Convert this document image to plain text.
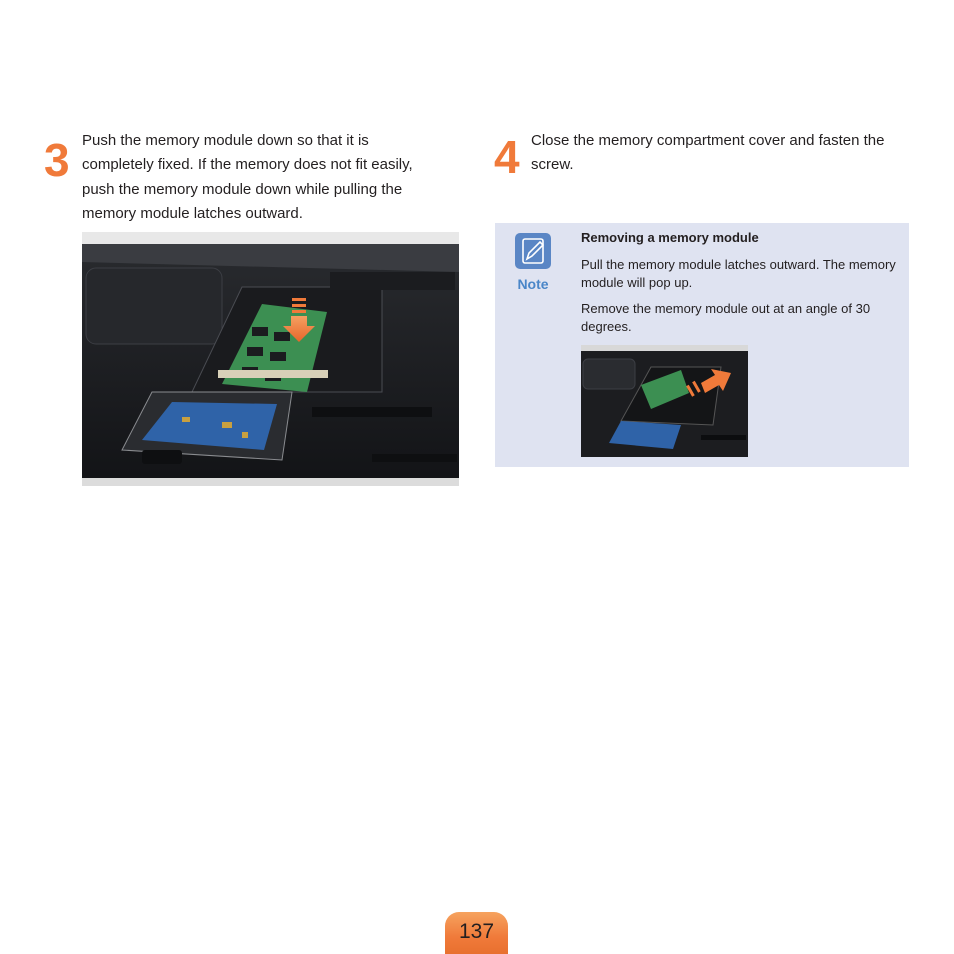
3 Push the memory module down so that it is completely fixed. If the memory does not fit easily, push the memory module down while pulling the memory module latches outward.
4 Close the memory compartment cover and fasten the screw.
Note
Removing a memory module
Pull the memory module latches outward. The memory module will pop up.
Remove the memory module out at an angle of 30 degrees.
137
